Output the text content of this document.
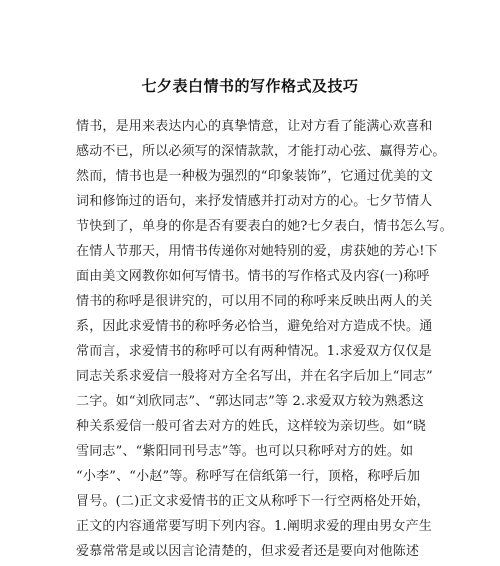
七夕表白情书的写作格式及技巧
情书，是用来表达内心的真挚情意，让对方看了能满心欢喜和
感动不已，所以必须写的深情款款，才能打动心弦、赢得芳心。
然而，情书也是一种极为强烈的“印象装饰”，它通过优美的文
词和修饰过的语句，来抒发情感并打动对方的心。七夕节情人
节快到了，单身的你是否有要表白的她?七夕表白，情书怎么写。
在情人节那天，用情书传递你对她特别的爱，虏获她的芳心!下
面由美文网教你如何写情书。情书的写作格式及内容(一)称呼
情书的称呼是很讲究的，可以用不同的称呼来反映出两人的关
系，因此求爱情书的称呼务必恰当，避免给对方造成不快。通
常而言，求爱情书的称呼可以有两种情况。1.求爱双方仅仅是
同志关系求爱信一般将对方全名写出，并在名字后加上“同志”
二字。如“刘欣同志”、“郭达同志”等 2.求爱双方较为熟悉这
种关系爱信一般可省去对方的姓氏，这样较为亲切些。如“晓
雪同志”、“紫阳同刊号志”等。也可以只称呼对方的姓。如
“小李”、“小赵”等。称呼写在信纸第一行，顶格，称呼后加
冒号。(二)正文求爱情书的正文从称呼下一行空两格处开始，
正文的内容通常要写明下列内容。1.阐明求爱的理由男女产生
爱慕常常是或以因言论清楚的，但求爱者还是要向对他陈述
